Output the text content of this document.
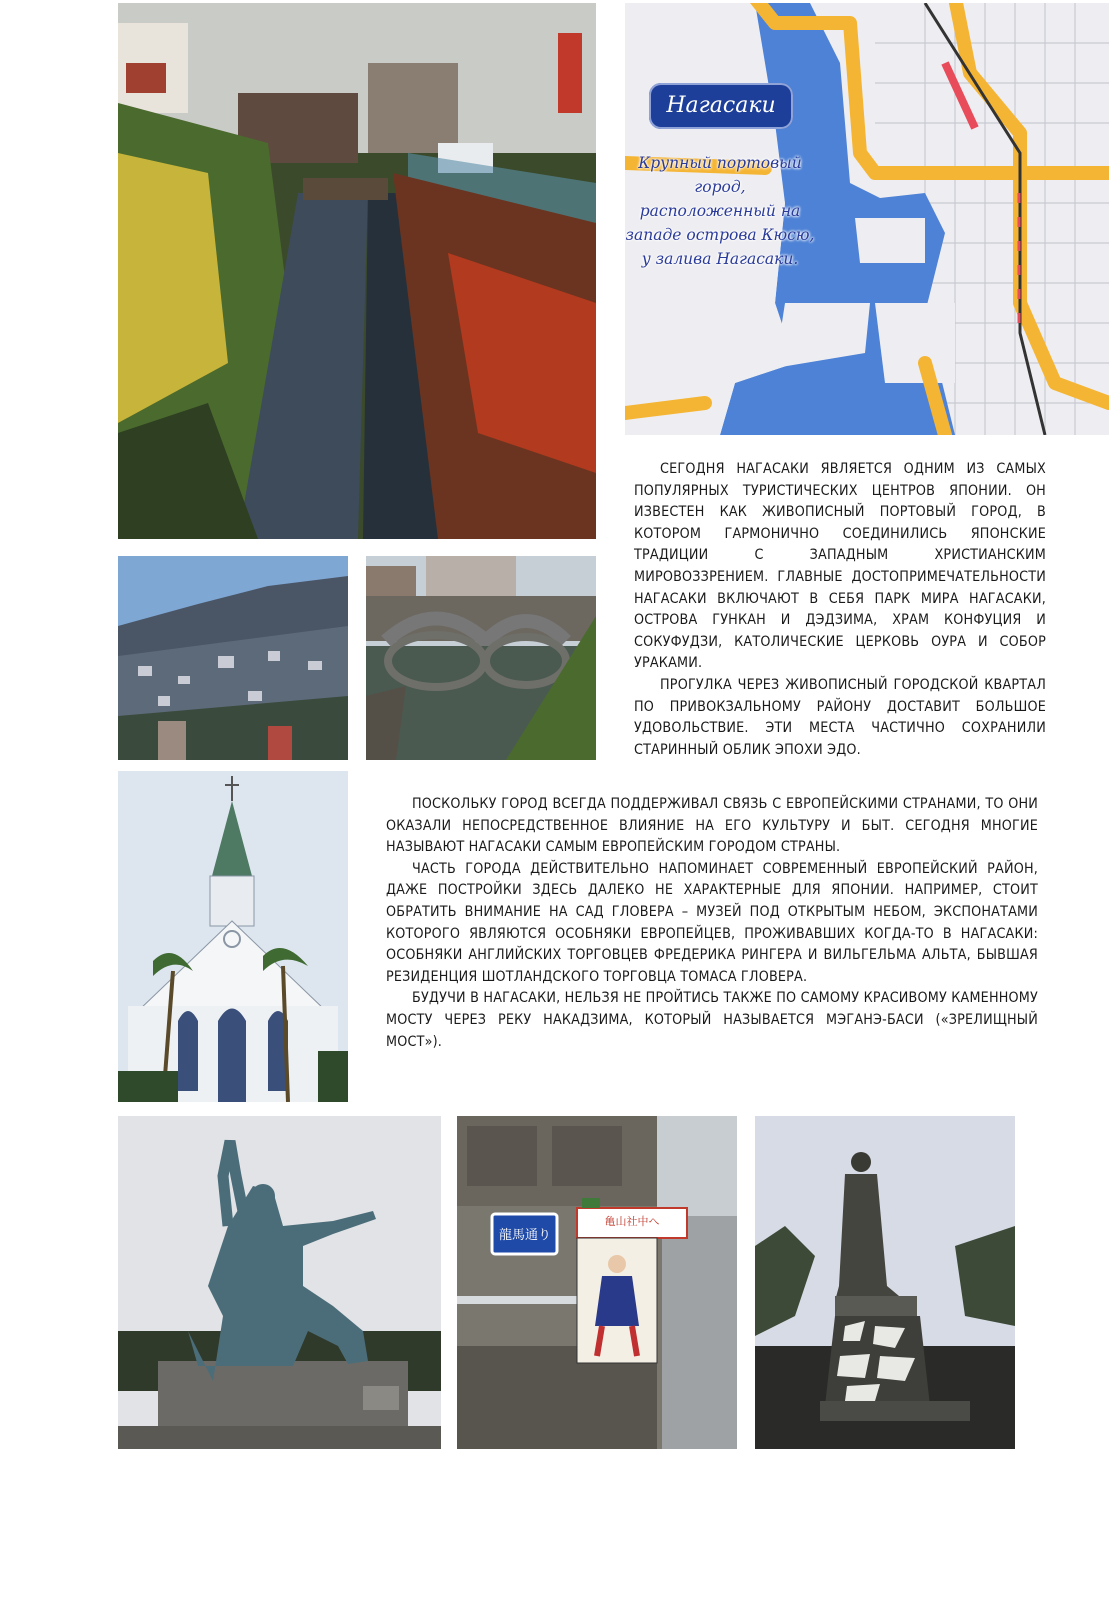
Нагасаки
Крупный портовый город, расположенный на западе острова Кюсю, у залива Нагасаки.

СЕГОДНЯ НАГАСАКИ ЯВЛЯЕТСЯ ОДНИМ ИЗ САМЫХ ПОПУЛЯРНЫХ ТУРИСТИЧЕСКИХ ЦЕНТРОВ ЯПОНИИ. ОН ИЗВЕСТЕН КАК ЖИВОПИСНЫЙ ПОРТОВЫЙ ГОРОД, В КОТОРОМ ГАРМОНИЧНО СОЕДИНИЛИСЬ ЯПОНСКИЕ ТРАДИЦИИ С ЗАПАДНЫМ ХРИСТИАНСКИМ МИРОВОЗЗРЕНИЕМ. ГЛАВНЫЕ ДОСТОПРИМЕЧАТЕЛЬНОСТИ НАГАСАКИ ВКЛЮЧАЮТ В СЕБЯ ПАРК МИРА НАГАСАКИ, ОСТРОВА ГУНКАН И ДЭДЗИМА, ХРАМ КОНФУЦИЯ И СОКУФУДЗИ, КАТОЛИЧЕСКИЕ ЦЕРКОВЬ ОУРА И СОБОР УРАКАМИ.

ПРОГУЛКА ЧЕРЕЗ ЖИВОПИСНЫЙ ГОРОДСКОЙ КВАРТАЛ ПО ПРИВОКЗАЛЬНОМУ РАЙОНУ ДОСТАВИТ БОЛЬШОЕ УДОВОЛЬСТВИЕ. ЭТИ МЕСТА ЧАСТИЧНО СОХРАНИЛИ СТАРИННЫЙ ОБЛИК ЭПОХИ ЭДО.

ПОСКОЛЬКУ ГОРОД ВСЕГДА ПОДДЕРЖИВАЛ СВЯЗЬ С ЕВРОПЕЙСКИМИ СТРАНАМИ, ТО ОНИ ОКАЗАЛИ НЕПОСРЕДСТВЕННОЕ ВЛИЯНИЕ НА ЕГО КУЛЬТУРУ И БЫТ. СЕГОДНЯ МНОГИЕ НАЗЫВАЮТ НАГАСАКИ САМЫМ ЕВРОПЕЙСКИМ ГОРОДОМ СТРАНЫ.

ЧАСТЬ ГОРОДА ДЕЙСТВИТЕЛЬНО НАПОМИНАЕТ СОВРЕМЕННЫЙ ЕВРОПЕЙСКИЙ РАЙОН, ДАЖЕ ПОСТРОЙКИ ЗДЕСЬ ДАЛЕКО НЕ ХАРАКТЕРНЫЕ ДЛЯ ЯПОНИИ. НАПРИМЕР, СТОИТ ОБРАТИТЬ ВНИМАНИЕ НА САД ГЛОВЕРА – МУЗЕЙ ПОД ОТКРЫТЫМ НЕБОМ, ЭКСПОНАТАМИ КОТОРОГО ЯВЛЯЮТСЯ ОСОБНЯКИ ЕВРОПЕЙЦЕВ, ПРОЖИВАВШИХ КОГДА-ТО В НАГАСАКИ: ОСОБНЯКИ АНГЛИЙСКИХ ТОРГОВЦЕВ ФРЕДЕРИКА РИНГЕРА И ВИЛЬГЕЛЬМА АЛЬТА, БЫВШАЯ РЕЗИДЕНЦИЯ ШОТЛАНДСКОГО ТОРГОВЦА ТОМАСА ГЛОВЕРА.

БУДУЧИ В НАГАСАКИ, НЕЛЬЗЯ НЕ ПРОЙТИСЬ ТАКЖЕ ПО САМОМУ КРАСИВОМУ КАМЕННОМУ МОСТУ ЧЕРЕЗ РЕКУ НАКАДЗИМА, КОТОРЫЙ НАЗЫВАЕТСЯ МЭГАНЭ-БАСИ («ЗРЕЛИЩНЫЙ МОСТ»).

龍馬通り
亀山社中へ
